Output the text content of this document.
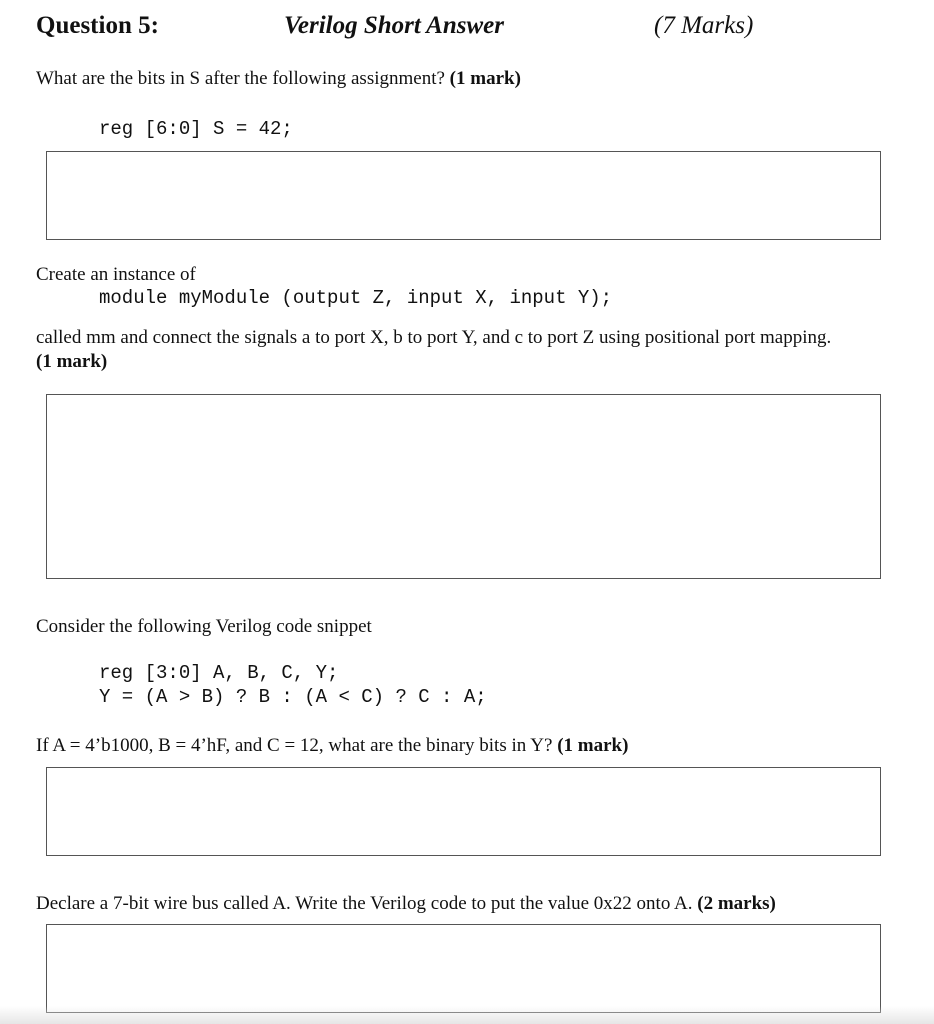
Question 5:	Verilog Short Answer	(7 Marks)
What are the bits in S after the following assignment? (1 mark)
reg [6:0] S = 42;
Create an instance of
module myModule (output Z, input X, input Y);
called mm and connect the signals a to port X, b to port Y, and c to port Z using positional port mapping. (1 mark)
Consider the following Verilog code snippet
reg [3:0] A, B, C, Y;
Y = (A > B) ? B : (A < C) ? C : A;
If A = 4’b1000, B = 4’hF, and C = 12, what are the binary bits in Y? (1 mark)
Declare a 7-bit wire bus called A. Write the Verilog code to put the value 0x22 onto A. (2 marks)
